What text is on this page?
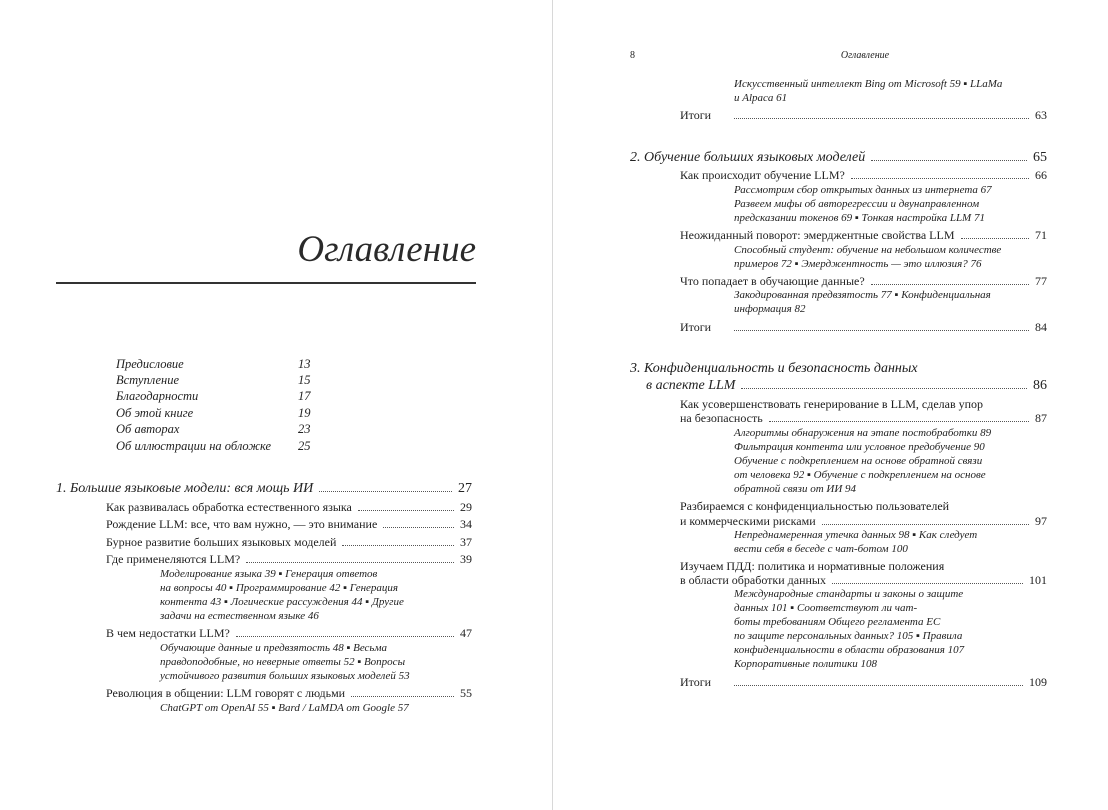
Оглавление
Предисловие	13
Вступление	15
Благодарности	17
Об этой книге	19
Об авторах	23
Об иллюстрации на обложке 25
1. Большие языковые модели: вся мощь ИИ	27
Как развивалась обработка естественного языка	29
Рождение LLM: все, что вам нужно, — это внимание	34
Бурное развитие больших языковых моделей	37
Где применеляются LLM?	39
Моделирование языка 39 ▪ Генерация ответов
на вопросы 40 ▪ Программирование 42 ▪ Генерация
контента 43 ▪ Логические рассуждения 44 ▪ Другие
задачи на естественном языке 46
В чем недостатки LLM?	47
Обучающие данные и предвзятость 48 ▪ Весьма
правдоподобные, но неверные ответы 52 ▪ Вопросы
устойчивого развития больших языковых моделей 53
Революция в общении: LLM говорят с людьми	55
ChatGPT от OpenAI 55 ▪ Bard / LaMDA от Google 57
8	Оглавление
Искусственный интеллект Bing от Microsoft 59 ▪ LLaMa
и Alpaca 61
Итоги	63
2. Обучение больших языковых моделей	65
Как происходит обучение LLM?	66
Рассмотрим сбор открытых данных из интернета 67
Развеем мифы об авторегрессии и двунаправленном
предсказании токенов 69 ▪ Тонкая настройка LLM 71
Неожиданный поворот: эмерджентные свойства LLM	71
Способный студент: обучение на небольшом количестве
примеров 72 ▪ Эмерджентность — это иллюзия? 76
Что попадает в обучающие данные?	77
Закодированная предвзятость 77 ▪ Конфиденциальная
информация 82
Итоги	84
3. Конфиденциальность и безопасность данных
в аспекте LLM	86
Как усовершенствовать генерирование в LLM, сделав упор
на безопасность	87
Алгоритмы обнаружения на этапе постобработки 89
Фильтрация контента или условное предобучение 90
Обучение с подкреплением на основе обратной связи
от человека 92 ▪ Обучение с подкреплением на основе
обратной связи от ИИ 94
Разбираемся с конфиденциальностью пользователей
и коммерческими рисками	97
Непреднамеренная утечка данных 98 ▪ Как следует
вести себя в беседе с чат-ботом 100
Изучаем ПДД: политика и нормативные положения
в области обработки данных	101
Международные стандарты и законы о защите
данных 101 ▪ Соответствуют ли чат-
боты требованиям Общего регламента ЕС
по защите персональных данных? 105 ▪ Правила
конфиденциальности в области образования 107
Корпоративные политики 108
Итоги	109
